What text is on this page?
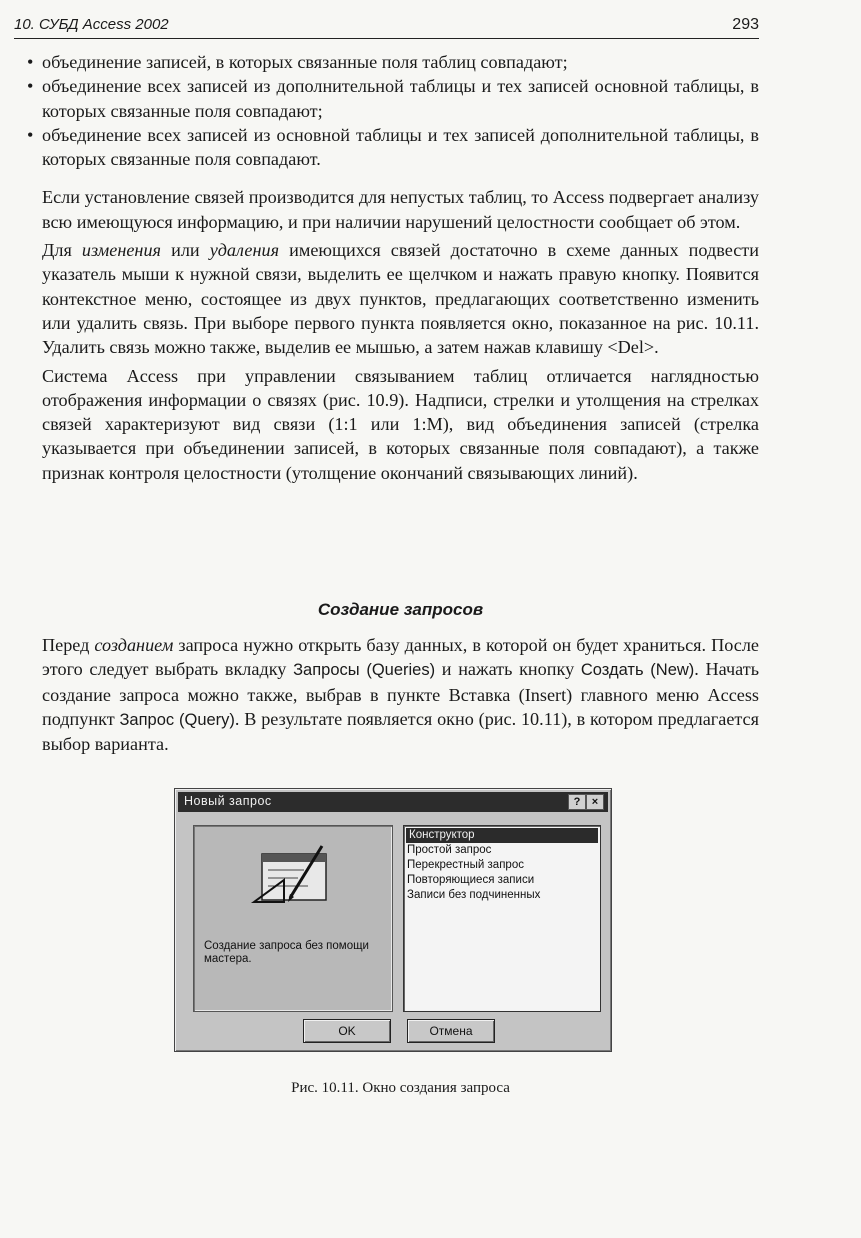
10. СУБД Access 2002	293
• объединение записей, в которых связанные поля таблиц совпадают;
• объединение всех записей из дополнительной таблицы и тех записей основной таблицы, в которых связанные поля совпадают;
• объединение всех записей из основной таблицы и тех записей дополнительной таблицы, в которых связанные поля совпадают.

Если установление связей производится для непустых таблиц, то Access подвергает анализу всю имеющуюся информацию, и при наличии нарушений целостности сообщает об этом.

Для изменения или удаления имеющихся связей достаточно в схеме данных подвести указатель мыши к нужной связи, выделить ее щелчком и нажать правую кнопку. Появится контекстное меню, состоящее из двух пунктов, предлагающих соответственно изменить или удалить связь. При выборе первого пункта появляется окно, показанное на рис. 10.11. Удалить связь можно также, выделив ее мышью, а затем нажав клавишу <Del>.

Система Access при управлении связыванием таблиц отличается наглядностью отображения информации о связях (рис. 10.9). Надписи, стрелки и утолщения на стрелках связей характеризуют вид связи (1:1 или 1:М), вид объединения записей (стрелка указывается при объединении записей, в которых связанные поля совпадают), а также признак контроля целостности (утолщение окончаний связывающих линий).

Создание запросов

Перед созданием запроса нужно открыть базу данных, в которой он будет храниться. После этого следует выбрать вкладку Запросы (Queries) и нажать кнопку Создать (New). Начать создание запроса можно также, выбрав в пункте Вставка (Insert) главного меню Access подпункт Запрос (Query). В результате появляется окно (рис. 10.11), в котором предлагается выбор варианта.

Новый запрос	?	×
Создание запроса без помощи мастера.
Конструктор
Простой запрос
Перекрестный запрос
Повторяющиеся записи
Записи без подчиненных
OK	Отмена
Рис. 10.11. Окно создания запроса
